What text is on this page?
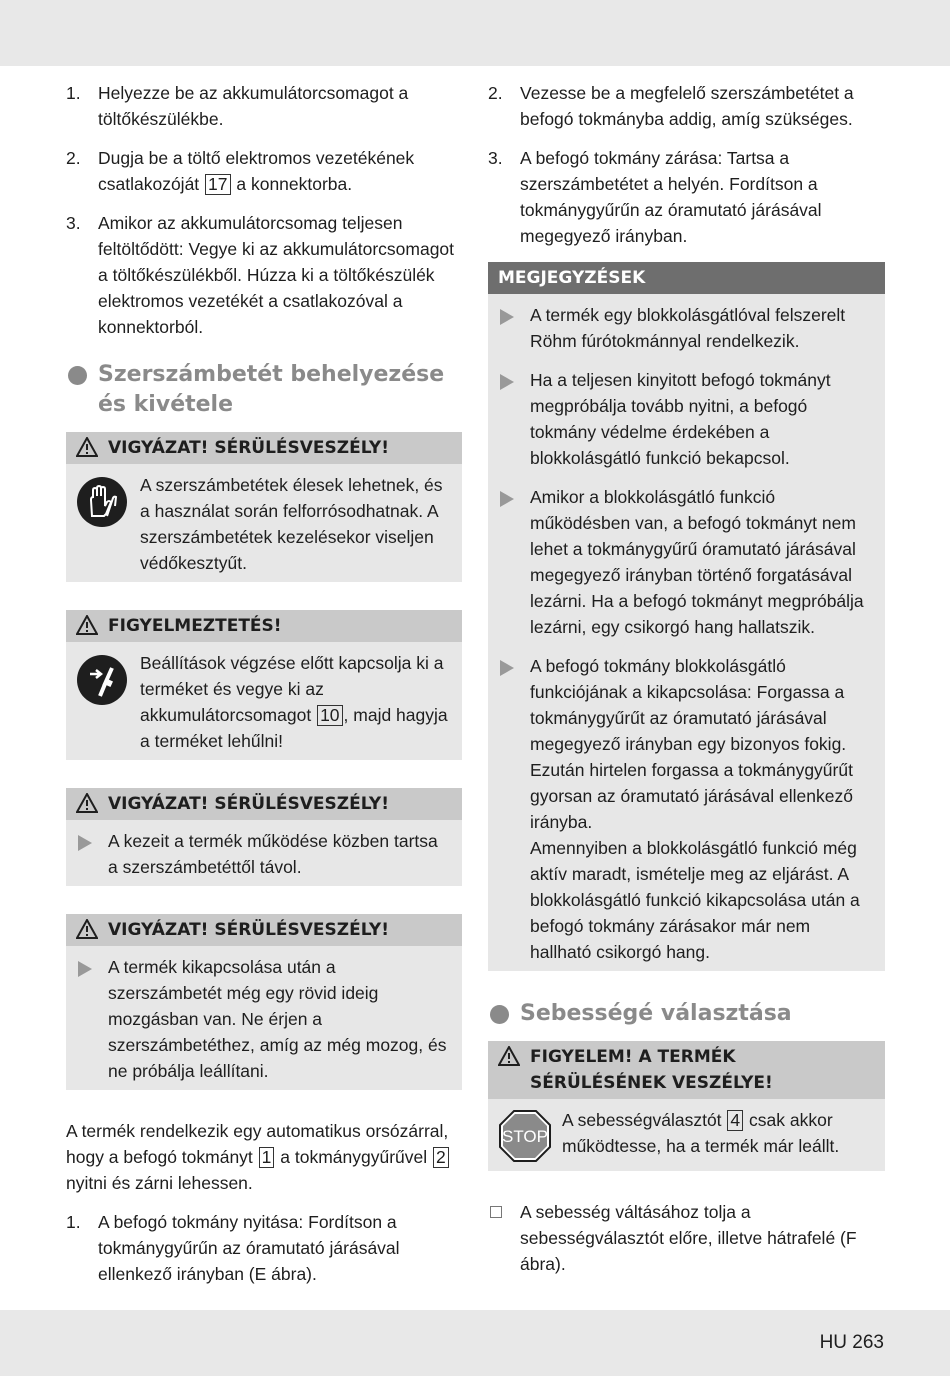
1. Helyezze be az akkumulátorcsomagot a töltőkészülékbe.
2. Dugja be a töltő elektromos vezetékének csatlakozóját 17 a konnektorba.
3. Amikor az akkumulátorcsomag teljesen feltöltődött: Vegye ki az akkumulátorcsomagot a töltőkészülékből. Húzza ki a töltőkészülék elektromos vezetékét a csatlakozóval a konnektorból.
Szerszámbetét behelyezése és kivétele
VIGYÁZAT! SÉRÜLÉSVESZÉLY!
A szerszámbetétek élesek lehetnek, és a használat során felforrósodhatnak. A szerszámbetétek kezelésekor viseljen védőkesztyűt.
FIGYELMEZTETÉS!
Beállítások végzése előtt kapcsolja ki a terméket és vegye ki az akkumulátorcsomagot 10 , majd hagyja a terméket lehűlni!
VIGYÁZAT! SÉRÜLÉSVESZÉLY!
A kezeit a termék működése közben tartsa a szerszámbetéttől távol.
VIGYÁZAT! SÉRÜLÉSVESZÉLY!
A termék kikapcsolása után a szerszámbetét még egy rövid ideig mozgásban van. Ne érjen a szerszámbetéthez, amíg az még mozog, és ne próbálja leállítani.

A termék rendelkezik egy automatikus orsózárral, hogy a befogó tokmányt 1 a tokmánygyűrűvel 2 nyitni és zárni lehessen.

1. A befogó tokmány nyitása: Fordítson a tokmánygyűrűn az óramutató járásával ellenkező irányban (E ábra).
2. Vezesse be a megfelelő szerszámbetétet a befogó tokmányba addig, amíg szükséges.
3. A befogó tokmány zárása: Tartsa a szerszámbetétet a helyén. Fordítson a tokmánygyűrűn az óramutató járásával megegyező irányban.
MEGJEGYZÉSEK
A termék egy blokkolásgátlóval felszerelt Röhm fúrótokmánnyal rendelkezik.
Ha a teljesen kinyitott befogó tokmányt megpróbálja tovább nyitni, a befogó tokmány védelme érdekében a blokkolásgátló funkció bekapcsol.
Amikor a blokkolásgátló funkció működésben van, a befogó tokmányt nem lehet a tokmánygyűrű óramutató járásával megegyező irányban történő forgatásával lezárni. Ha a befogó tokmányt megpróbálja lezárni, egy csikorgó hang hallatszik.
A befogó tokmány blokkolásgátló funkciójának a kikapcsolása: Forgassa a tokmánygyűrűt az óramutató járásával megegyező irányban egy bizonyos fokig. Ezután hirtelen forgassa a tokmánygyűrűt gyorsan az óramutató járásával ellenkező irányba.
Amennyiben a blokkolásgátló funkció még aktív maradt, ismételje meg az eljárást. A blokkolásgátló funkció kikapcsolása után a befogó tokmány zárásakor már nem hallható csikorgó hang.
Sebességé választása
FIGYELEM! A TERMÉK SÉRÜLÉSÉNEK VESZÉLYE!
STOP
A sebességválasztót 4 csak akkor működtesse, ha a termék már leállt.
A sebesség váltásához tolja a sebességválasztót előre, illetve hátrafelé (F ábra).
HU 263
